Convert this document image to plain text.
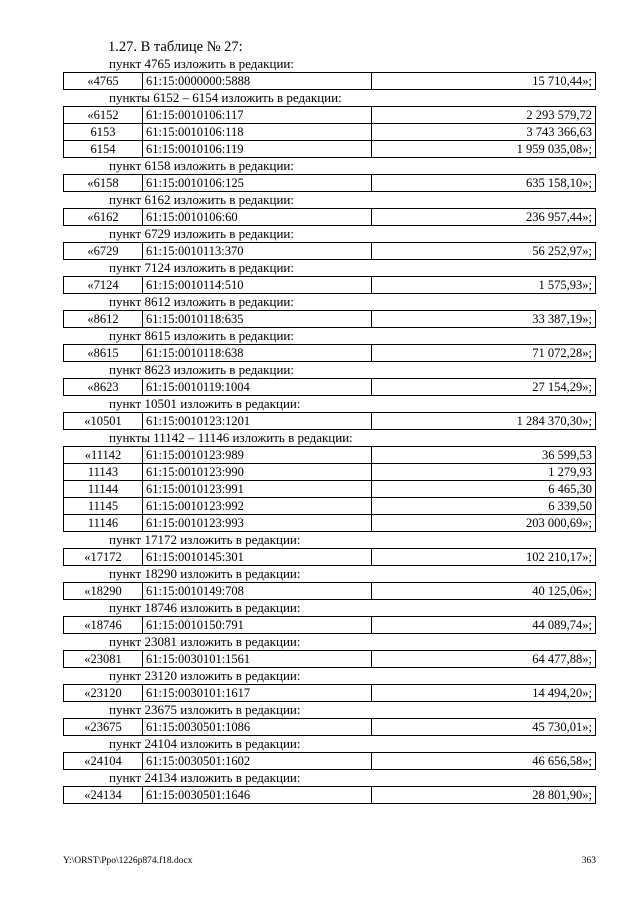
1.27. В таблице № 27:
пункт 4765 изложить в редакции:
«4765	61:15:0000000:5888	15 710,44»;
пункты 6152 – 6154 изложить в редакции:
«6152	61:15:0010106:117	2 293 579,72
6153	61:15:0010106:118	3 743 366,63
6154	61:15:0010106:119	1 959 035,08»;
пункт 6158 изложить в редакции:
«6158	61:15:0010106:125	635 158,10»;
пункт 6162 изложить в редакции:
«6162	61:15:0010106:60	236 957,44»;
пункт 6729 изложить в редакции:
«6729	61:15:0010113:370	56 252,97»;
пункт 7124 изложить в редакции:
«7124	61:15:0010114:510	1 575,93»;
пункт 8612 изложить в редакции:
«8612	61:15:0010118:635	33 387,19»;
пункт 8615 изложить в редакции:
«8615	61:15:0010118:638	71 072,28»;
пункт 8623 изложить в редакции:
«8623	61:15:0010119:1004	27 154,29»;
пункт 10501 изложить в редакции:
«10501	61:15:0010123:1201	1 284 370,30»;
пункты 11142 – 11146 изложить в редакции:
«11142	61:15:0010123:989	36 599,53
11143	61:15:0010123:990	1 279,93
11144	61:15:0010123:991	6 465,30
11145	61:15:0010123:992	6 339,50
11146	61:15:0010123:993	203 000,69»;
пункт 17172 изложить в редакции:
«17172	61:15:0010145:301	102 210,17»;
пункт 18290 изложить в редакции:
«18290	61:15:0010149:708	40 125,06»;
пункт 18746 изложить в редакции:
«18746	61:15:0010150:791	44 089,74»;
пункт 23081 изложить в редакции:
«23081	61:15:0030101:1561	64 477,88»;
пункт 23120 изложить в редакции:
«23120	61:15:0030101:1617	14 494,20»;
пункт 23675 изложить в редакции:
«23675	61:15:0030501:1086	45 730,01»;
пункт 24104 изложить в редакции:
«24104	61:15:0030501:1602	46 656,58»;
пункт 24134 изложить в редакции:
«24134	61:15:0030501:1646	28 801,90»;
Y:\ORST\Ppo\1226p874.f18.docx	363
